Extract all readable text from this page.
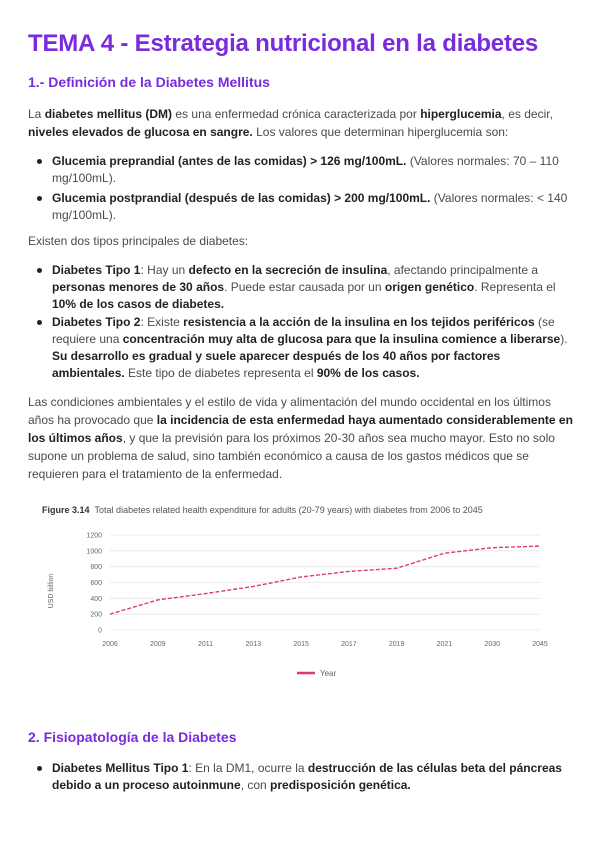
TEMA 4 - Estrategia nutricional en la diabetes
1.- Definición de la Diabetes Mellitus

La diabetes mellitus (DM) es una enfermedad crónica caracterizada por hiperglucemia, es decir, niveles elevados de glucosa en sangre. Los valores que determinan hiperglucemia son:

Glucemia preprandial (antes de las comidas) > 126 mg/100mL. (Valores normales: 70 – 110 mg/100mL).
Glucemia postprandial (después de las comidas) > 200 mg/100mL. (Valores normales: < 140 mg/100mL).

Existen dos tipos principales de diabetes:

Diabetes Tipo 1: Hay un defecto en la secreción de insulina, afectando principalmente a personas menores de 30 años. Puede estar causada por un origen genético. Representa el 10% de los casos de diabetes.
Diabetes Tipo 2: Existe resistencia a la acción de la insulina en los tejidos periféricos (se requiere una concentración muy alta de glucosa para que la insulina comience a liberarse). Su desarrollo es gradual y suele aparecer después de los 40 años por factores ambientales. Este tipo de diabetes representa el 90% de los casos.

Las condiciones ambientales y el estilo de vida y alimentación del mundo occidental en los últimos años ha provocado que la incidencia de esta enfermedad haya aumentado considerablemente en los últimos años, y que la previsión para los próximos 20-30 años sea mucho mayor. Esto no solo supone un problema de salud, sino también económico a causa de los gastos médicos que se requieren para el tratamiento de la enfermedad.

Figure 3.14 Total diabetes related health expenditure for adults (20-79 years) with diabetes from 2006 to 2045
0
200
400
600
800
1000
1200
2006	2009	2011	2013	2015	2017	2019	2021	2030	2045
USD billion
Year
2. Fisiopatología de la Diabetes
Diabetes Mellitus Tipo 1: En la DM1, ocurre la destrucción de las células beta del páncreas debido a un proceso autoinmune, con predisposición genética.
